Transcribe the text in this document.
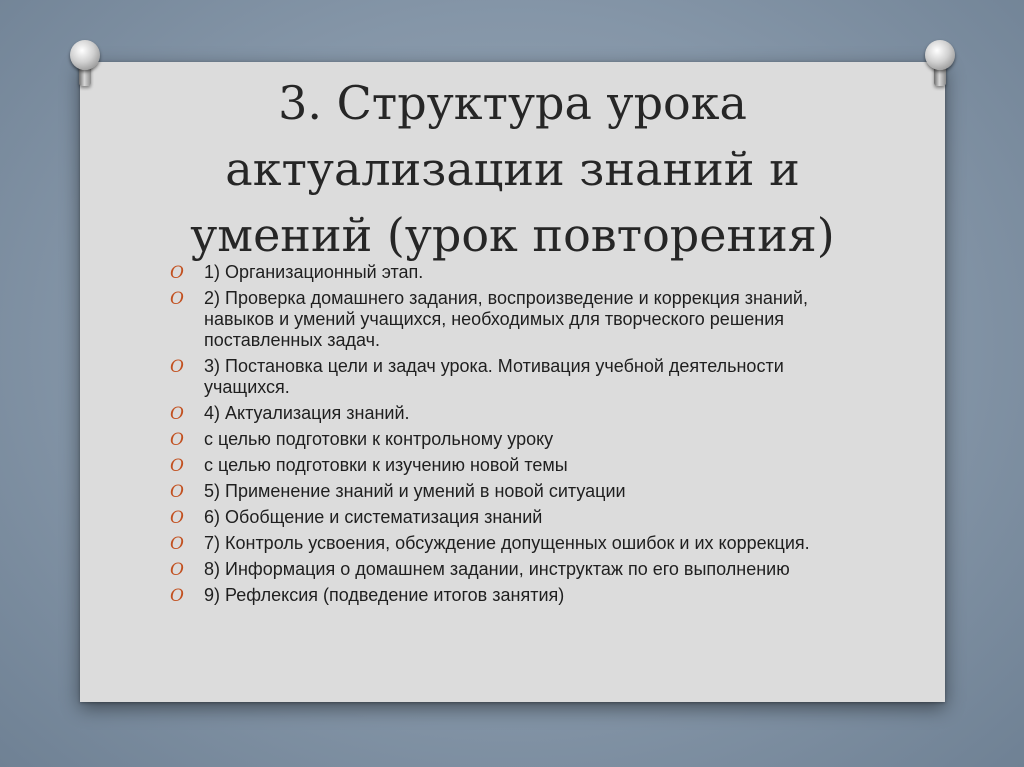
3. Структура урока
актуализации знаний и
умений (урок повторения)
O 1) Организационный этап.
O 2) Проверка домашнего задания, воспроизведение и коррекция знаний, навыков и умений учащихся, необходимых для творческого решения поставленных задач.
O 3) Постановка цели и задач урока. Мотивация учебной деятельности учащихся.
O 4) Актуализация знаний.
O с целью подготовки к контрольному уроку
O с целью подготовки к изучению новой темы
O 5) Применение знаний и умений в новой ситуации
O 6) Обобщение и систематизация знаний
O 7) Контроль усвоения, обсуждение допущенных ошибок и их коррекция.
O 8) Информация о домашнем задании, инструктаж по его выполнению
O 9) Рефлексия (подведение итогов занятия)
